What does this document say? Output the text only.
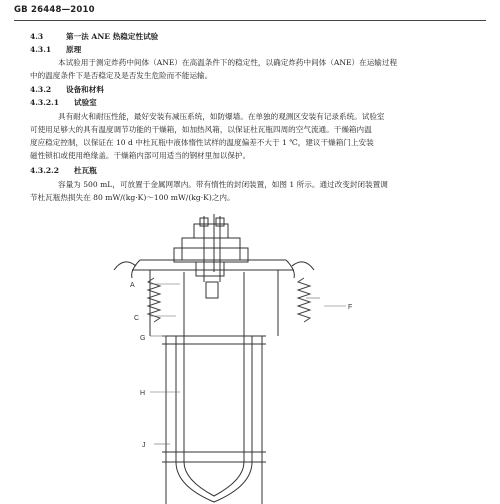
GB 26448—2010
4.3	第一法 ANE 热稳定性试验
4.3.1 原理
本试验用于测定炸药中间体（ANE）在高温条件下的稳定性，以确定炸药中间体（ANE）在运输过程
中的温度条件下是否稳定及是否发生危险而不能运输。
4.3.2 设备和材料
4.3.2.1 试验室
具有耐火和耐压性能，最好安装有减压系统，如防爆墙。在单独的观测区安装有记录系统。试验室
可使用足够大的具有温度调节功能的干燥箱，如加热风箱，以保证杜瓦瓶四周的空气流通。干燥箱内温
度应稳定控制，以保证在 10 d 中杜瓦瓶中液体惰性试样的温度偏差不大于 1 ℃，建议干燥箱门上安装
磁性锁扣或使用绝缘盖。干燥箱内部可用适当的钢材里加以保护。
4.3.2.2 杜瓦瓶
容量为 500 mL，可放置于金属网罩内。带有惰性的封闭装置，如图 1 所示。通过改变封闭装置调
节杜瓦瓶热损失在 80 mW/(kg·K)～100 mW/(kg·K)之内。
A
C
G
H
J
F
